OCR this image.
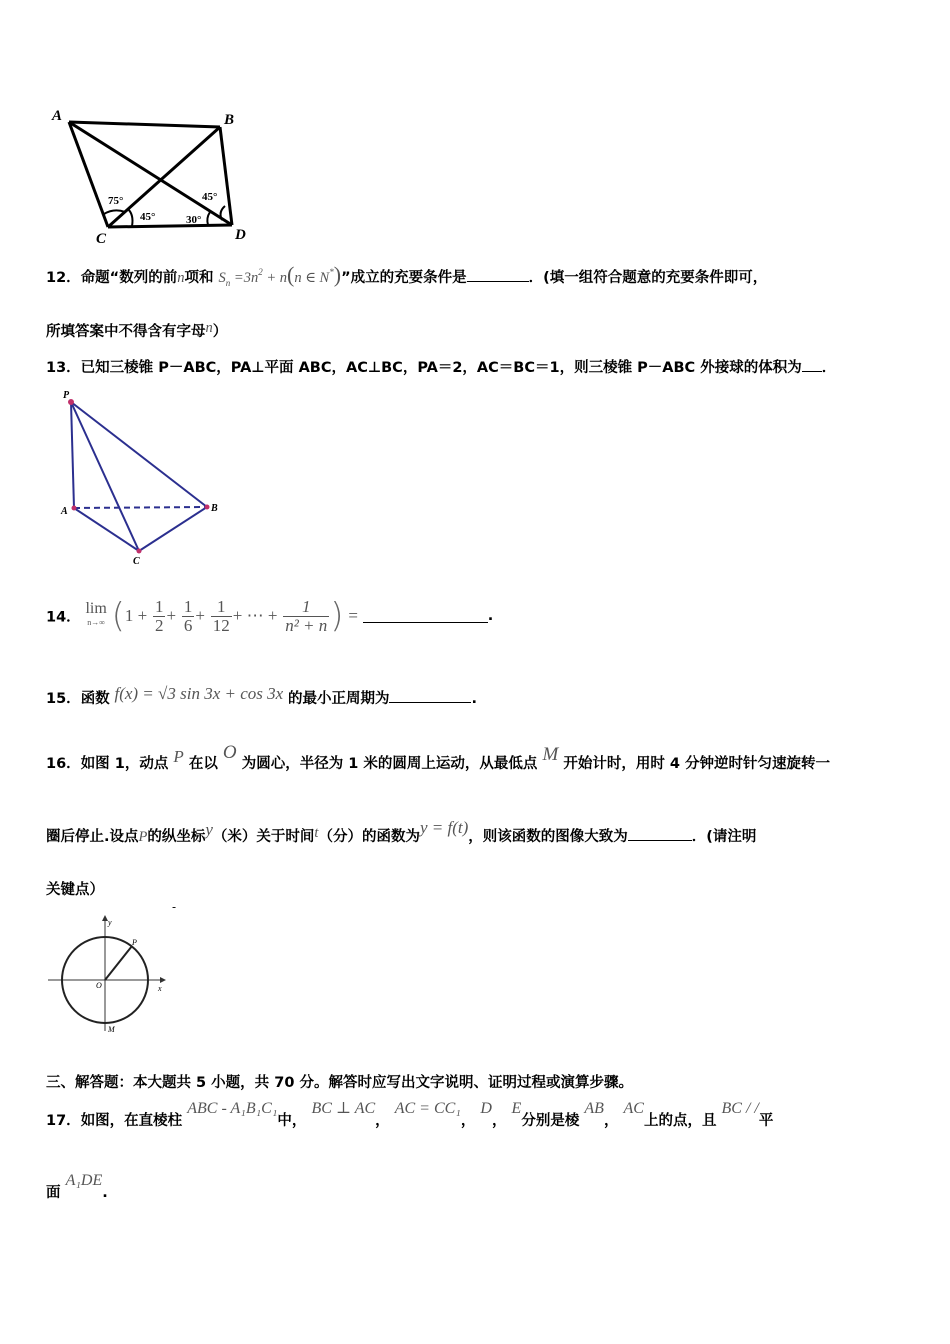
A	B
C	D
75°
45°
45°
30°
12．命题“数列的前n项和 $S_n =3n^2 + n(n$ ∈ N*)”成立的充要条件是	．(填一组符合题意的充要条件即可，
所填答案中不得含有字母n）
13．已知三棱锥 P－ABC，PA⊥平面 ABC，AC⊥BC，PA＝2，AC＝BC＝1，则三棱锥 P－ABC 外接球的体积为 ．
P
A	B
C
14．
lim
n→∞ ($1 + \frac{1}{2} + \frac{1}{6} + \frac{1}{12}$ + ⋯ + $\frac{1}{\text{n² + n}}$ ) =	.
15．函数 f(x) = √3 sin 3x + cos 3x 的最小正周期为	.
16．如图 1，动点 P 在以 O 为圆心，半径为 1 米的圆周上运动，从最低点 M 开始计时，用时 4 分钟逆时针匀速旋转一
圈后停止.设点P的纵坐标y（米）关于时间t（分）的函数为y = f(t)，则该函数的图像大致为	．(请注明
关键点）
-
y
x
O
P
M
三、解答题：本大题共 5 小题，共 70 分。解答时应写出文字说明、证明过程或演算步骤。
17．如图，在直棱柱 ABC - A₁B₁C₁中， BC ⊥ AC， AC = CC₁， D， E分别是棱 AB， AC上的点，且 BC / /平
面 A₁DE.
